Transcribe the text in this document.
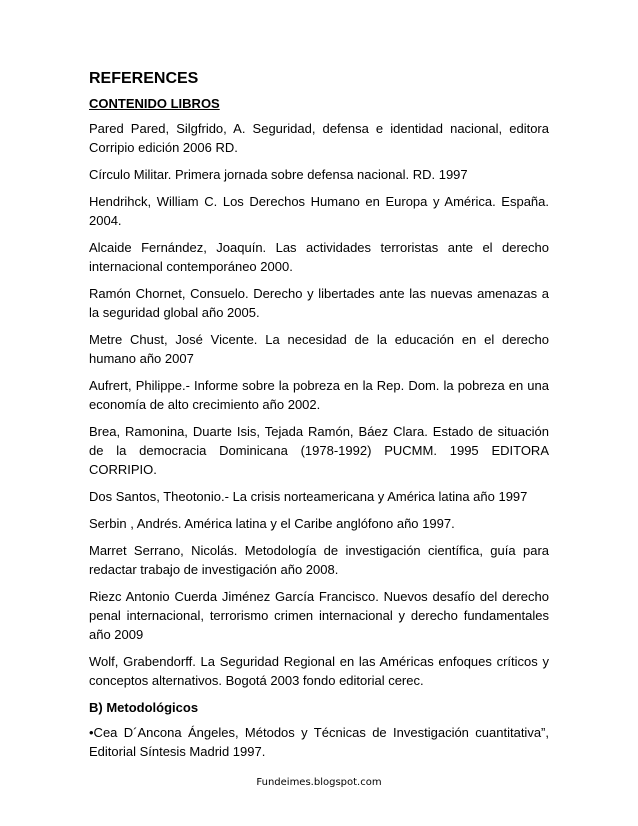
REFERENCES
CONTENIDO LIBROS

Pared Pared, Silgfrido, A. Seguridad, defensa e identidad nacional, editora Corripio edición 2006 RD.

Círculo Militar. Primera jornada sobre defensa nacional. RD. 1997

Hendrihck, William C. Los Derechos Humano en Europa y América. España. 2004.

Alcaide Fernández, Joaquín. Las actividades terroristas ante el derecho internacional contemporáneo 2000.

Ramón Chornet, Consuelo. Derecho y libertades ante las nuevas amenazas a la seguridad global año 2005.

Metre Chust, José Vicente. La necesidad de la educación en el derecho humano año 2007

Aufrert, Philippe.- Informe sobre la pobreza en la Rep. Dom. la pobreza en una economía de alto crecimiento año 2002.

Brea, Ramonina, Duarte Isis, Tejada Ramón, Báez Clara. Estado de situación de la democracia Dominicana (1978-1992) PUCMM. 1995 EDITORA CORRIPIO.

Dos Santos, Theotonio.- La crisis norteamericana y América latina año 1997

Serbin , Andrés. América latina y el Caribe anglófono año 1997.

Marret Serrano, Nicolás. Metodología de investigación científica, guía para redactar trabajo de investigación año 2008.

Riezc Antonio Cuerda Jiménez García Francisco. Nuevos desafío del derecho penal internacional, terrorismo crimen internacional y derecho fundamentales año 2009

Wolf, Grabendorff. La Seguridad Regional en las Américas enfoques críticos y conceptos alternativos. Bogotá 2003 fondo editorial cerec.

B) Metodológicos

•Cea D´Ancona Ángeles, Métodos y Técnicas de Investigación cuantitativa”, Editorial Síntesis Madrid 1997.

Fundeimes.blogspot.com
